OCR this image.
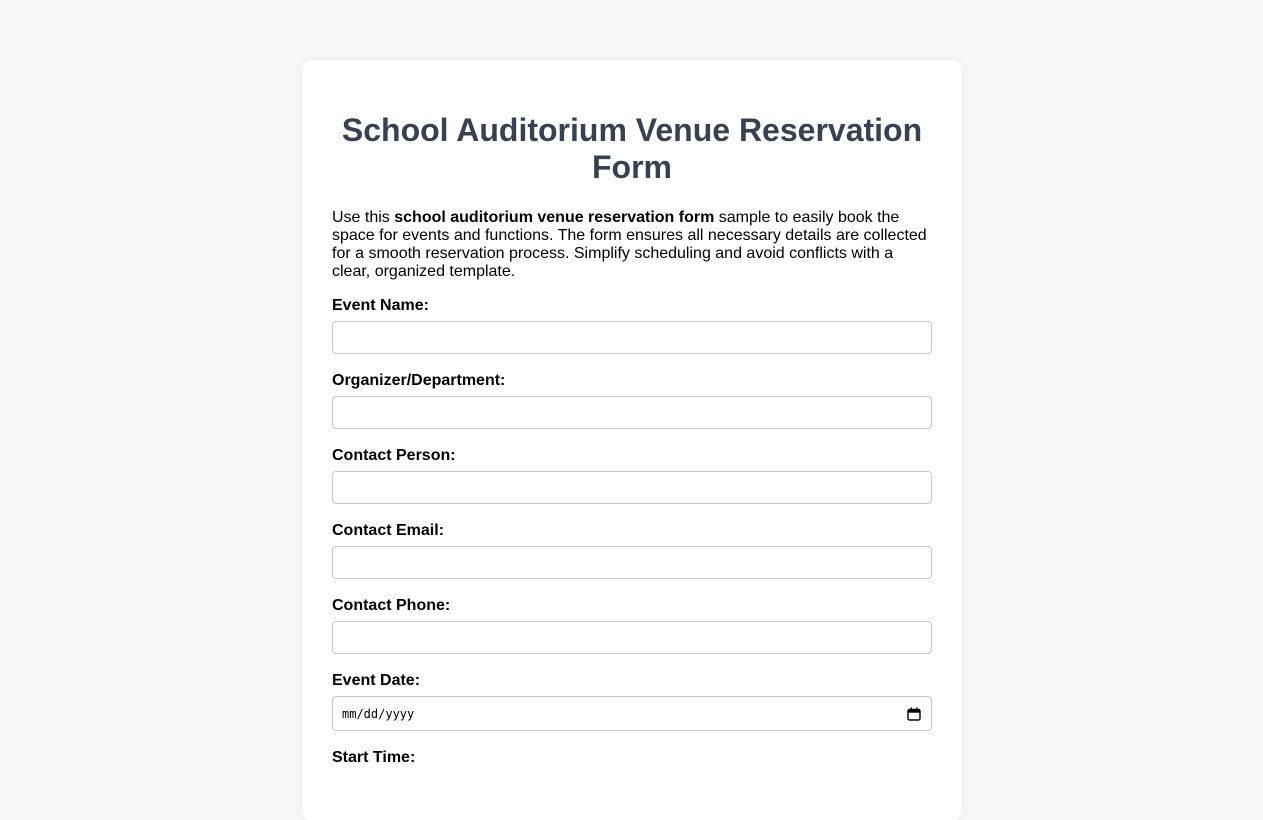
School Auditorium Venue Reservation Form

Use this school auditorium venue reservation form sample to easily book the space for events and functions. The form ensures all necessary details are collected for a smooth reservation process. Simplify scheduling and avoid conflicts with a clear, organized template.

Event Name:
Organizer/Department:
Contact Person:
Contact Email:
Contact Phone:
Event Date:
mm/dd/yyyy
Start Time:
